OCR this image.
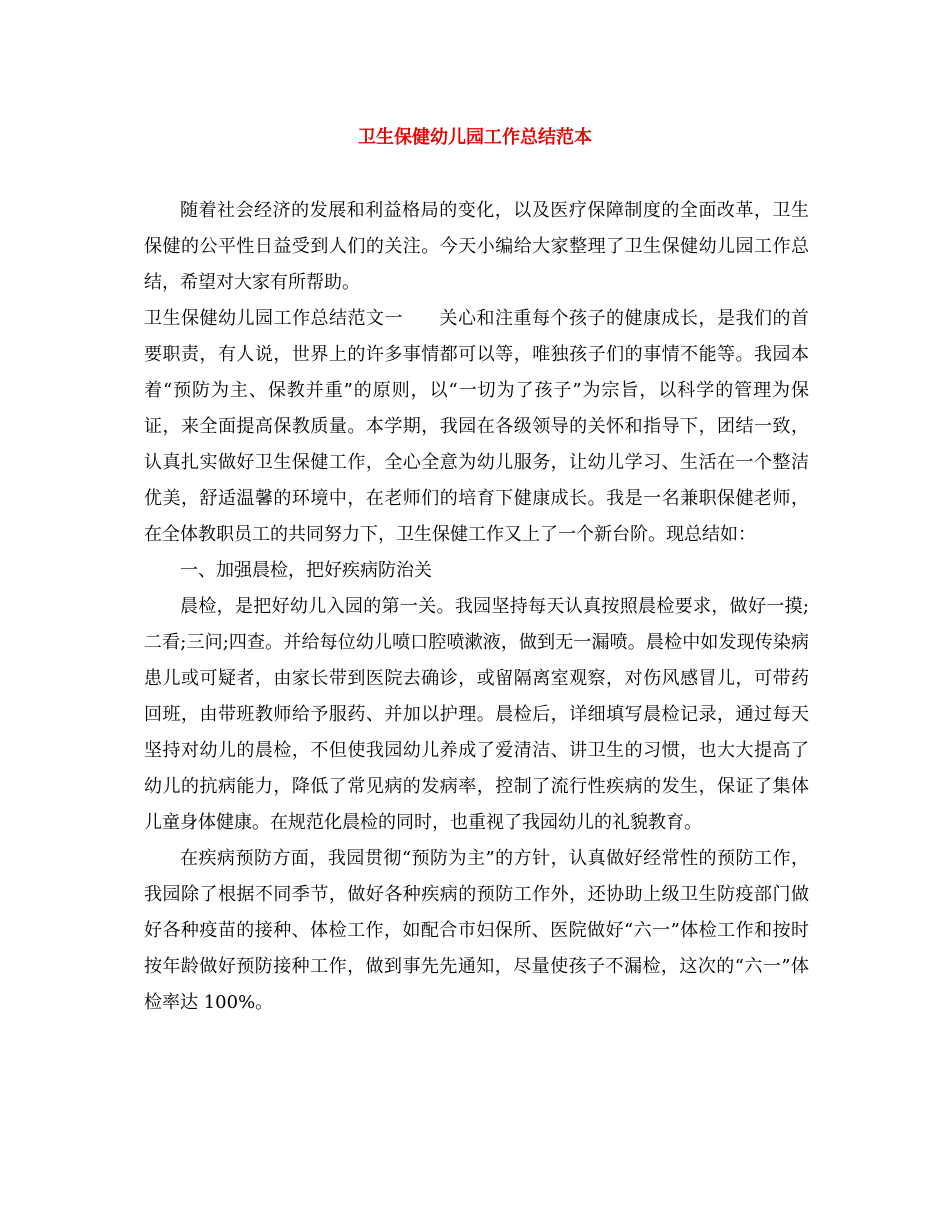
卫生保健幼儿园工作总结范本

随着社会经济的发展和利益格局的变化，以及医疗保障制度的全面改革，卫生保健的公平性日益受到人们的关注。今天小编给大家整理了卫生保健幼儿园工作总结，希望对大家有所帮助。

卫生保健幼儿园工作总结范文一 关心和注重每个孩子的健康成长，是我们的首要职责，有人说，世界上的许多事情都可以等，唯独孩子们的事情不能等。我园本着“预防为主、保教并重”的原则，以“一切为了孩子”为宗旨，以科学的管理为保证，来全面提高保教质量。本学期，我园在各级领导的关怀和指导下，团结一致，认真扎实做好卫生保健工作，全心全意为幼儿服务，让幼儿学习、生活在一个整洁优美，舒适温馨的环境中，在老师们的培育下健康成长。我是一名兼职保健老师，在全体教职员工的共同努力下，卫生保健工作又上了一个新台阶。现总结如：

一、加强晨检，把好疾病防治关

晨检，是把好幼儿入园的第一关。我园坚持每天认真按照晨检要求，做好一摸;二看;三问;四查。并给每位幼儿喷口腔喷漱液，做到无一漏喷。晨检中如发现传染病患儿或可疑者，由家长带到医院去确诊，或留隔离室观察，对伤风感冒儿，可带药回班，由带班教师给予服药、并加以护理。晨检后，详细填写晨检记录，通过每天坚持对幼儿的晨检，不但使我园幼儿养成了爱清洁、讲卫生的习惯，也大大提高了幼儿的抗病能力，降低了常见病的发病率，控制了流行性疾病的发生，保证了集体儿童身体健康。在规范化晨检的同时，也重视了我园幼儿的礼貌教育。

在疾病预防方面，我园贯彻“预防为主”的方针，认真做好经常性的预防工作，我园除了根据不同季节，做好各种疾病的预防工作外，还协助上级卫生防疫部门做好各种疫苗的接种、体检工作，如配合市妇保所、医院做好“六一”体检工作和按时按年龄做好预防接种工作，做到事先先通知，尽量使孩子不漏检，这次的“六一”体检率达 100%。
